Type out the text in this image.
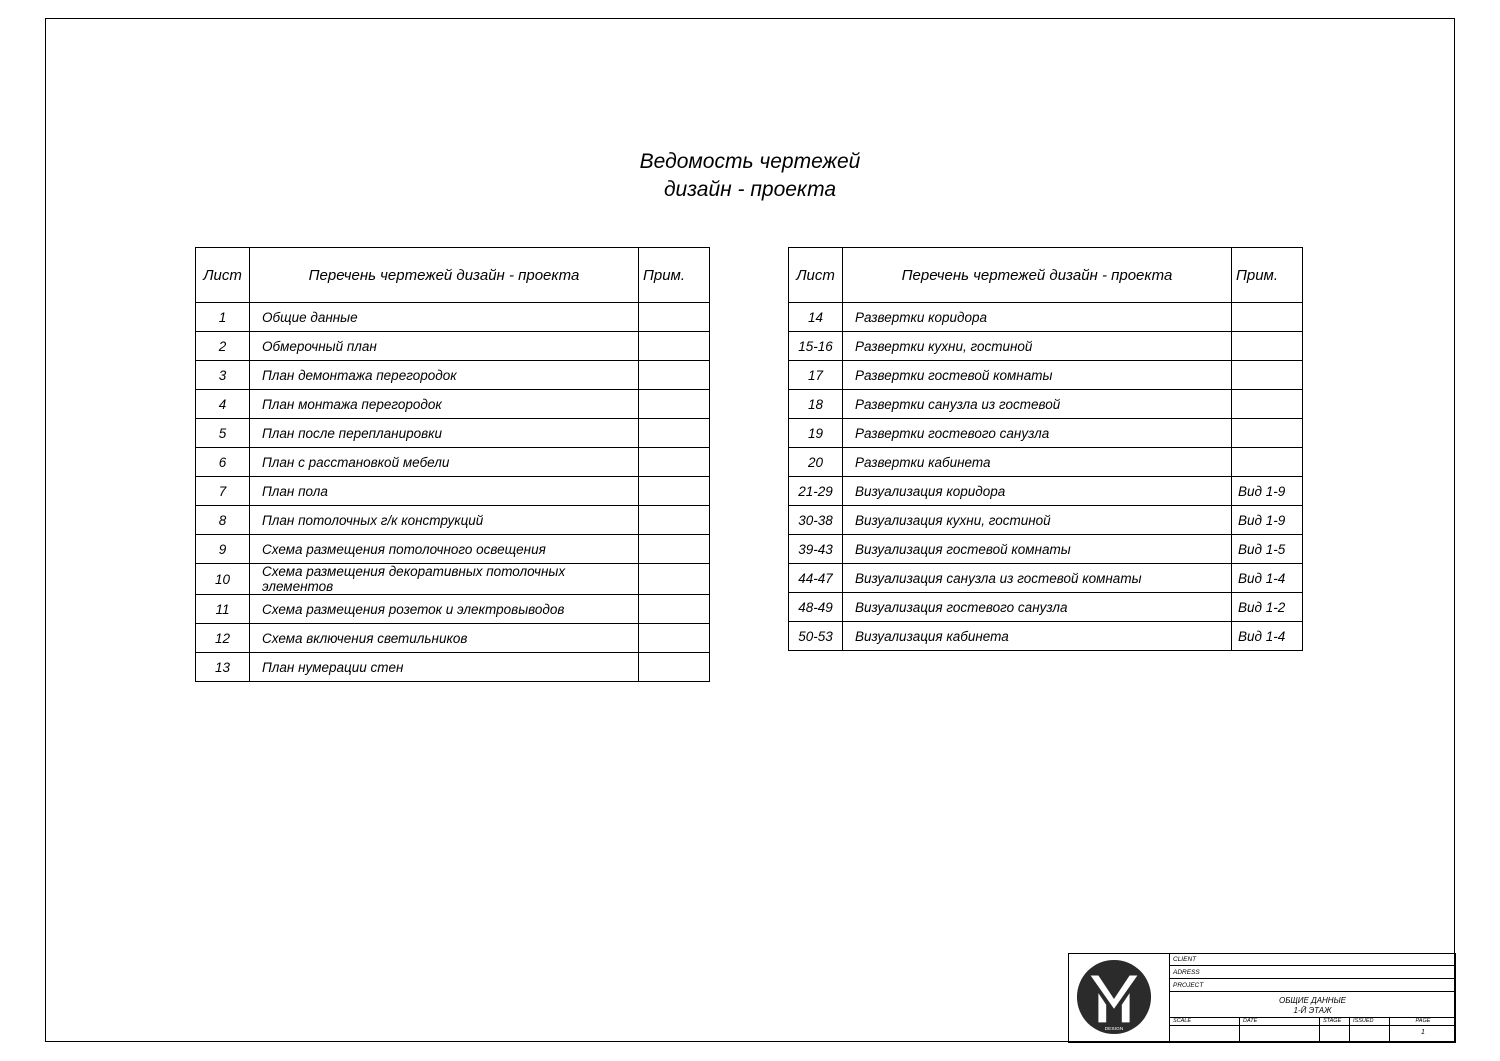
Ведомость чертежей
дизайн - проекта
Лист	Перечень чертежей дизайн - проекта	Прим.
1	Общие данные	
2	Обмерочный план	
3	План демонтажа перегородок	
4	План монтажа перегородок	
5	План после перепланировки	
6	План с расстановкой мебели	
7	План пола	
8	План потолочных г/к конструкций	
9	Схема размещения потолочного освещения	
10	Схема размещения декоративных потолочных элементов	
11	Схема размещения розеток и электровыводов	
12	Схема включения светильников	
13	План нумерации стен	
Лист	Перечень чертежей дизайн - проекта	Прим.
14	Развертки коридора	
15-16	Развертки кухни, гостиной	
17	Развертки гостевой комнаты	
18	Развертки санузла из гостевой	
19	Развертки гостевого санузла	
20	Развертки кабинета	
21-29	Визуализация коридора	Вид 1-9
30-38	Визуализация кухни, гостиной	Вид 1-9
39-43	Визуализация гостевой комнаты	Вид 1-5
44-47	Визуализация санузла из гостевой комнаты	Вид 1-4
48-49	Визуализация гостевого санузла	Вид 1-2
50-53	Визуализация кабинета	Вид 1-4
DESIGN
CLIENT
ADRESS
PROJECT
ОБЩИЕ ДАННЫЕ
1-Й ЭТАЖ
SCALE	DATE	STAGE	ISSUED	PAGE
1
